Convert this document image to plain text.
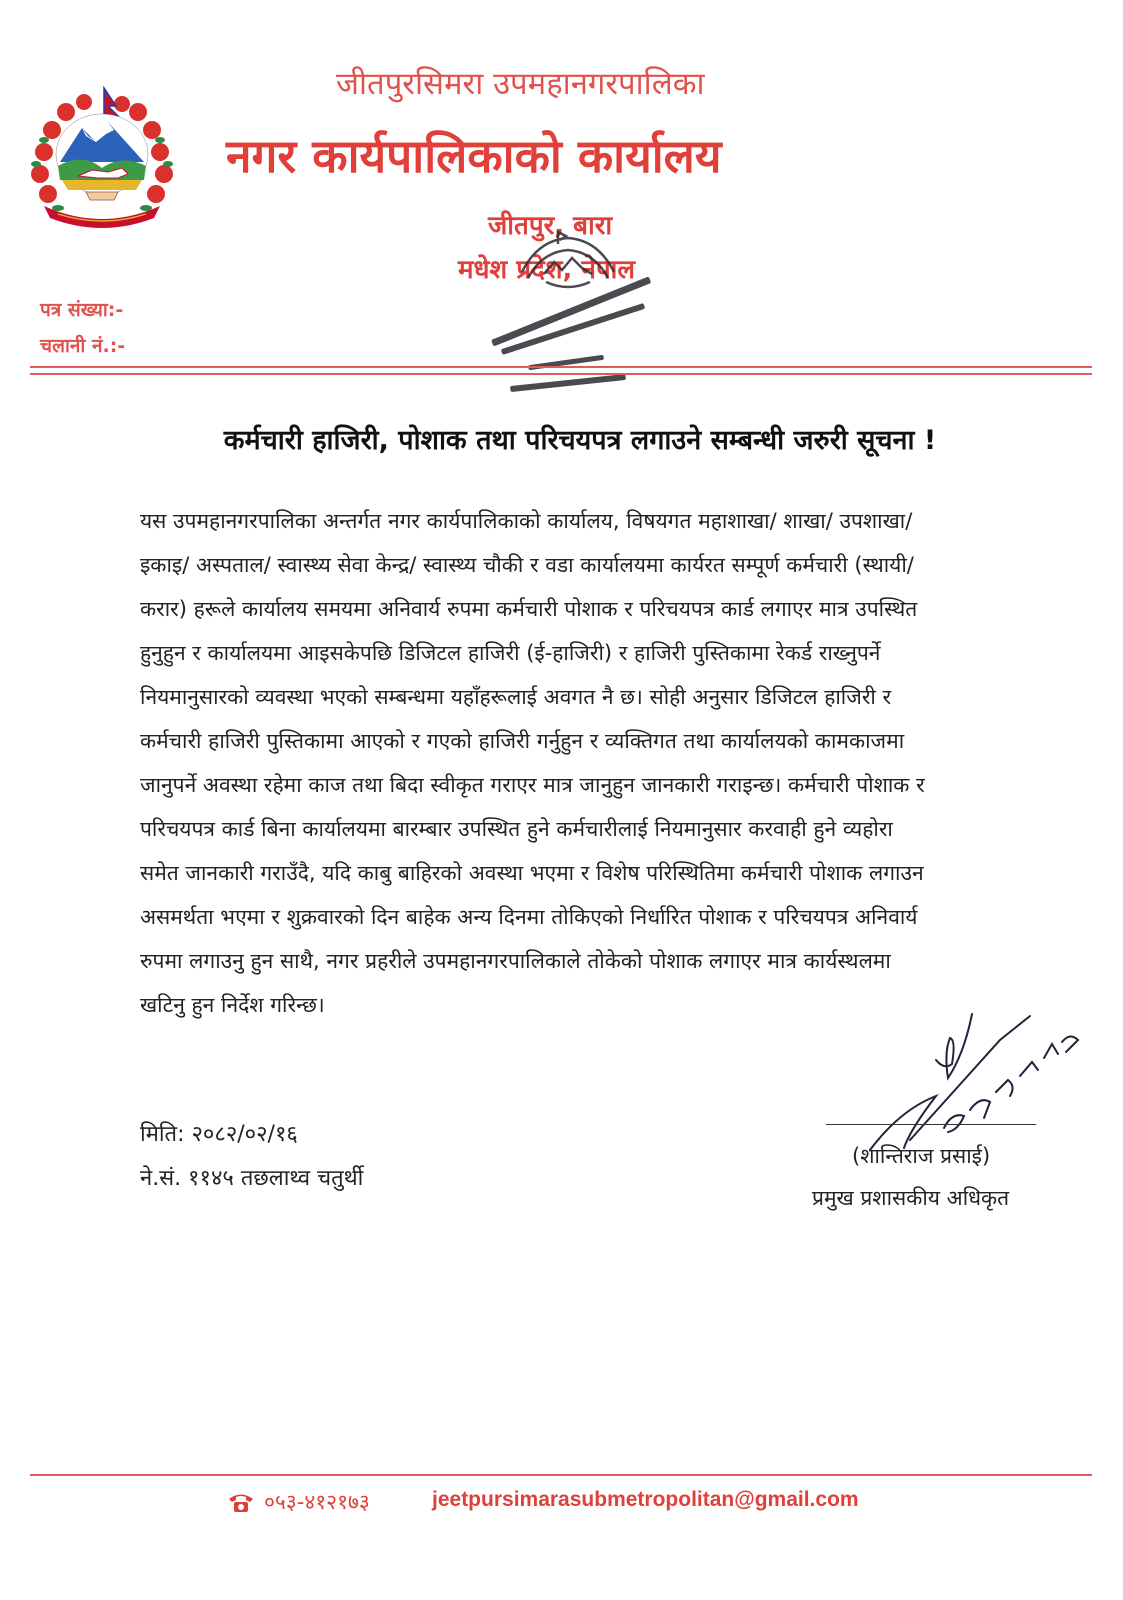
जीतपुरसिमरा उपमहानगरपालिका
नगर कार्यपालिकाको कार्यालय
जीतपुर, बारा
मधेश प्रदेश, नेपाल
पत्र संख्या:-
चलानी नं.:-
कर्मचारी हाजिरी, पोशाक तथा परिचयपत्र लगाउने सम्बन्धी जरुरी सूचना !
यस उपमहानगरपालिका अन्तर्गत नगर कार्यपालिकाको कार्यालय, विषयगत महाशाखा/ शाखा/ उपशाखा/
इकाइ/ अस्पताल/ स्वास्थ्य सेवा केन्द्र/ स्वास्थ्य चौकी र वडा कार्यालयमा कार्यरत सम्पूर्ण कर्मचारी (स्थायी/
करार) हरूले कार्यालय समयमा अनिवार्य रुपमा कर्मचारी पोशाक र परिचयपत्र कार्ड लगाएर मात्र उपस्थित
हुनुहुन र कार्यालयमा आइसकेपछि डिजिटल हाजिरी (ई-हाजिरी) र हाजिरी पुस्तिकामा रेकर्ड राख्नुपर्ने
नियमानुसारको व्यवस्था भएको सम्बन्धमा यहाँहरूलाई अवगत नै छ। सोही अनुसार डिजिटल हाजिरी र
कर्मचारी हाजिरी पुस्तिकामा आएको र गएको हाजिरी गर्नुहुन र व्यक्तिगत तथा कार्यालयको कामकाजमा
जानुपर्ने अवस्था रहेमा काज तथा बिदा स्वीकृत गराएर मात्र जानुहुन जानकारी गराइन्छ। कर्मचारी पोशाक र
परिचयपत्र कार्ड बिना कार्यालयमा बारम्बार उपस्थित हुने कर्मचारीलाई नियमानुसार करवाही हुने व्यहोरा
समेत जानकारी गराउँदै, यदि काबु बाहिरको अवस्था भएमा र विशेष परिस्थितिमा कर्मचारी पोशाक लगाउन
असमर्थता भएमा र शुक्रवारको दिन बाहेक अन्य दिनमा तोकिएको निर्धारित पोशाक र परिचयपत्र अनिवार्य
रुपमा लगाउनु हुन साथै, नगर प्रहरीले उपमहानगरपालिकाले तोकेको पोशाक लगाएर मात्र कार्यस्थलमा
खटिनु हुन निर्देश गरिन्छ।
मिति: २०८२/०२/१६
ने.सं. ११४५ तछलाथ्व चतुर्थी
(शान्तिराज प्रसाई)
प्रमुख प्रशासकीय अधिकृत
०५३-४१२१७३	jeetpursimarasubmetropolitan@gmail.com
